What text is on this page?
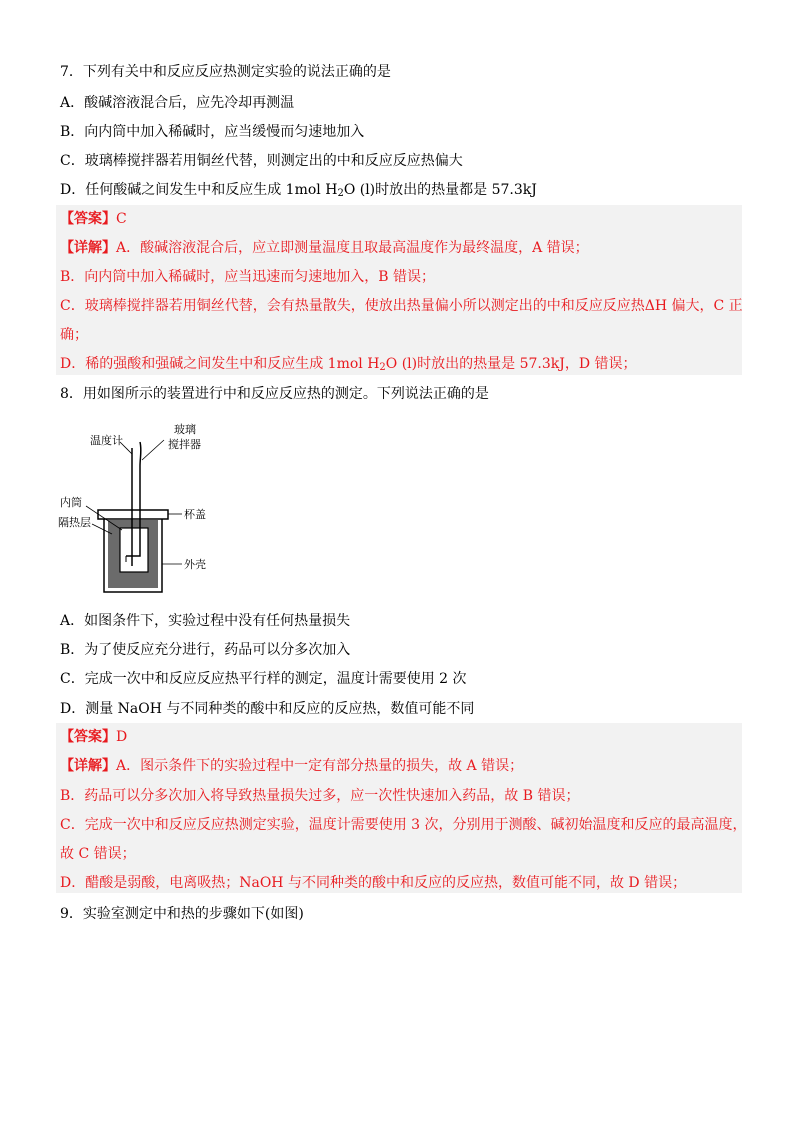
7．下列有关中和反应反应热测定实验的说法正确的是
A．酸碱溶液混合后，应先冷却再测温
B．向内筒中加入稀碱时，应当缓慢而匀速地加入
C．玻璃棒搅拌器若用铜丝代替，则测定出的中和反应反应热偏大
D．任何酸碱之间发生中和反应生成 1mol $H_2O$ (l)时放出的热量都是 57.3kJ
【答案】C
【详解】A．酸碱溶液混合后，应立即测量温度且取最高温度作为最终温度，A 错误；
B．向内筒中加入稀碱时，应当迅速而匀速地加入，B 错误；
C．玻璃棒搅拌器若用铜丝代替，会有热量散失，使放出热量偏小所以测定出的中和反应反应热ΔH 偏大，C 正
确；
D．稀的强酸和强碱之间发生中和反应生成 1mol $H_2O$ (l)时放出的热量是 57.3kJ，D 错误；
8．用如图所示的装置进行中和反应反应热的测定。下列说法正确的是
温度计
玻璃
搅拌器
内筒
隔热层
杯盖
外壳
A．如图条件下，实验过程中没有任何热量损失
B．为了使反应充分进行，药品可以分多次加入
C．完成一次中和反应反应热平行样的测定，温度计需要使用 2 次
D．测量 NaOH 与不同种类的酸中和反应的反应热，数值可能不同
【答案】D
【详解】A．图示条件下的实验过程中一定有部分热量的损失，故 A 错误；
B．药品可以分多次加入将导致热量损失过多，应一次性快速加入药品，故 B 错误；
C．完成一次中和反应反应热测定实验，温度计需要使用 3 次，分别用于测酸、碱初始温度和反应的最高温度，
故 C 错误；
D．醋酸是弱酸，电离吸热；NaOH 与不同种类的酸中和反应的反应热，数值可能不同，故 D 错误；
9．实验室测定中和热的步骤如下(如图)
